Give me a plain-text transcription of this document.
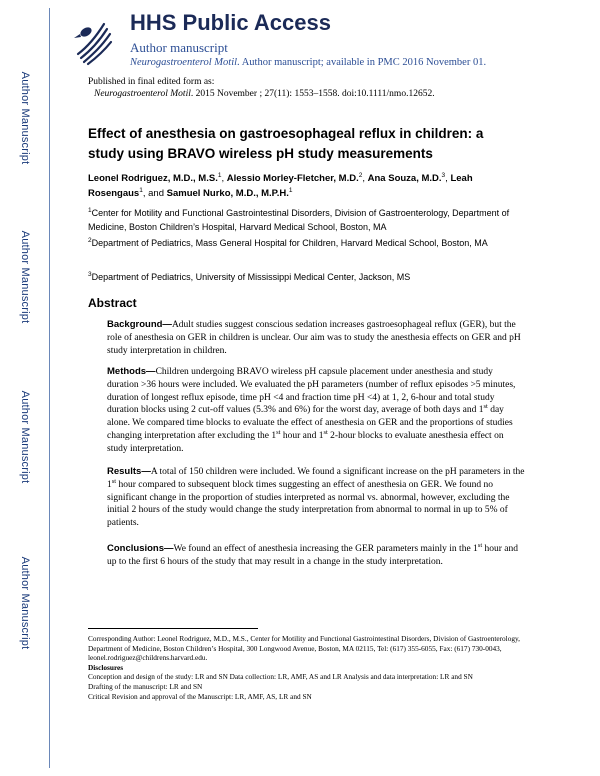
Author Manuscript
Author Manuscript
Author Manuscript
Author Manuscript
HHS Public Access
Author manuscript
Neurogastroenterol Motil. Author manuscript; available in PMC 2016 November 01.
Published in final edited form as:
Neurogastroenterol Motil. 2015 November ; 27(11): 1553–1558. doi:10.1111/nmo.12652.
Effect of anesthesia on gastroesophageal reflux in children: a study using BRAVO wireless pH study measurements
Leonel Rodriguez, M.D., M.S.$^1$, Alessio Morley-Fletcher, M.D.$^2$, Ana Souza, M.D.$^3$, Leah Rosengaus$^1$, and Samuel Nurko, M.D., M.P.H.$^1$
$^1$Center for Motility and Functional Gastrointestinal Disorders, Division of Gastroenterology, Department of Medicine, Boston Children’s Hospital, Harvard Medical School, Boston, MA
$^2$Department of Pediatrics, Mass General Hospital for Children, Harvard Medical School, Boston, MA
$^3$Department of Pediatrics, University of Mississippi Medical Center, Jackson, MS
Abstract
Background—Adult studies suggest conscious sedation increases gastroesophageal reflux (GER), but the role of anesthesia on GER in children is unclear. Our aim was to study the anesthesia effects on GER and pH study interpretation in children.
Methods—Children undergoing BRAVO wireless pH capsule placement under anesthesia and study duration >36 hours were included. We evaluated the pH parameters (number of reflux episodes >5 minutes, duration of longest reflux episode, time pH <4 and fraction time pH <4) at 1, 2, 6-hour and total study duration blocks using 2 cut-off values (5.3% and 6%) for the worst day, average of both days and 1st day alone. We compared time blocks to evaluate the effect of anesthesia on GER and the proportions of studies changing interpretation after excluding the 1st hour and 1st 2-hour blocks to evaluate anesthesia effect on study interpretation.
Results—A total of 150 children were included. We found a significant increase on the pH parameters in the 1st hour compared to subsequent block times suggesting an effect of anesthesia on GER. We found no significant change in the proportion of studies interpreted as normal vs. abnormal, however, excluding the initial 2 hours of the study would change the study interpretation from abnormal to normal in up to 5% of patients.
Conclusions—We found an effect of anesthesia increasing the GER parameters mainly in the 1st hour and up to the first 6 hours of the study that may result in a change in the study interpretation.
Corresponding Author: Leonel Rodriguez, M.D., M.S., Center for Motility and Functional Gastrointestinal Disorders, Division of Gastroenterology, Department of Medicine, Boston Children’s Hospital, 300 Longwood Avenue, Boston, MA 02115, Tel: (617) 355-6055, Fax: (617) 730-0043, leonel.rodriguez@childrens.harvard.edu.
Disclosures
Conception and design of the study: LR and SN Data collection: LR, AMF, AS and LR Analysis and data interpretation: LR and SN
Drafting of the manuscript: LR and SN
Critical Revision and approval of the Manuscript: LR, AMF, AS, LR and SN
